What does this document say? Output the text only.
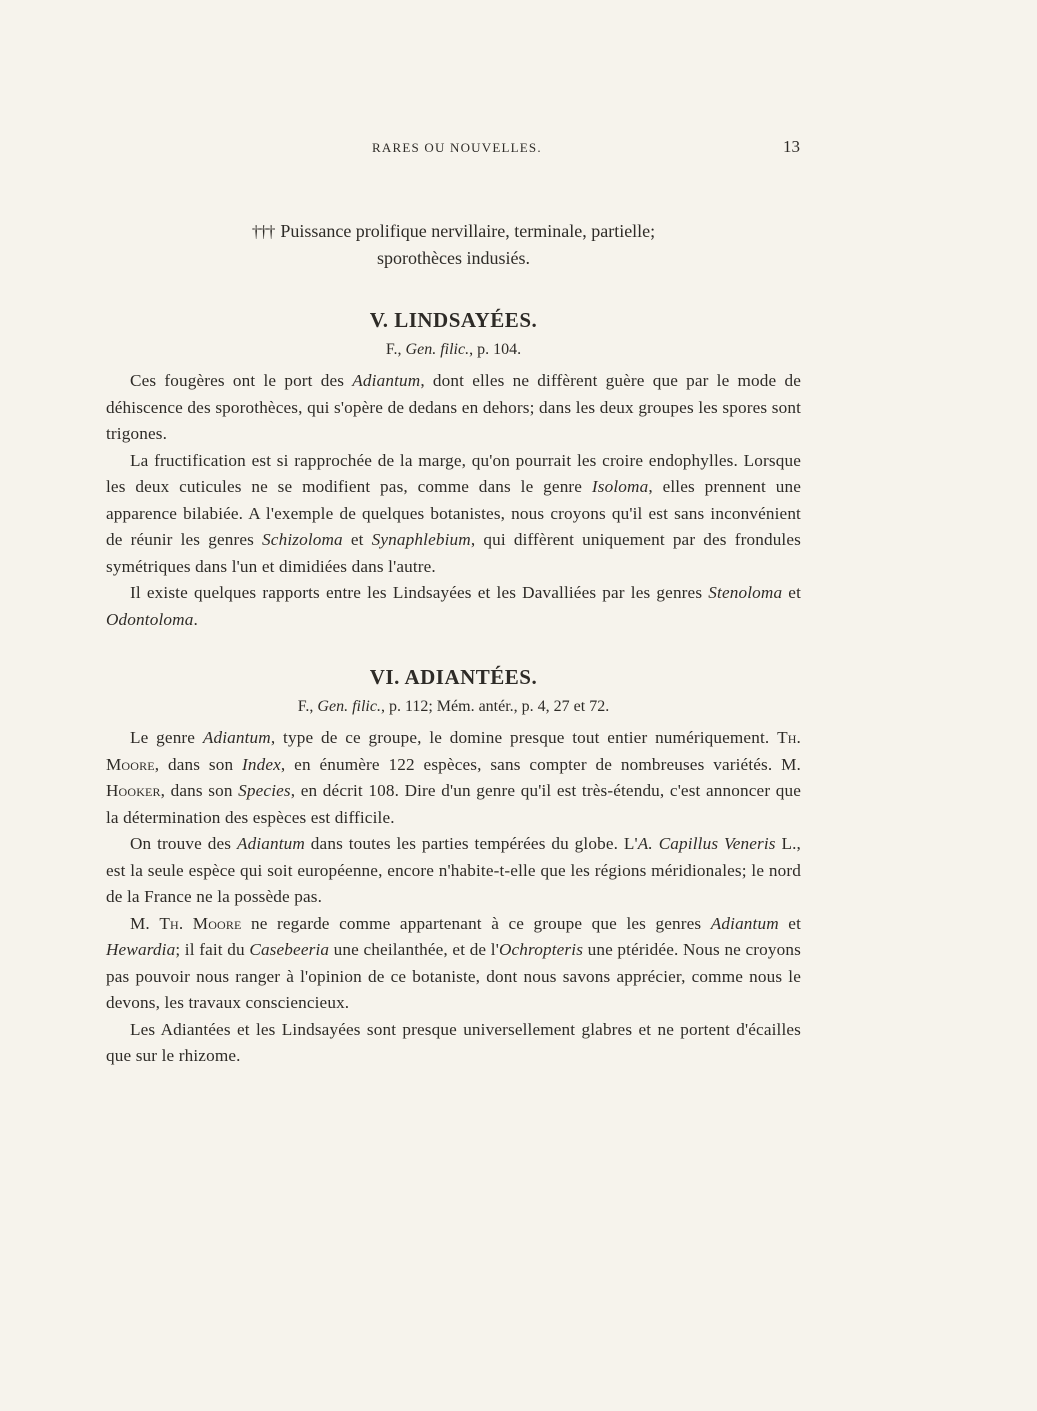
RARES OU NOUVELLES.	13

††† Puissance prolifique nervillaire, terminale, partielle;

sporothèces indusiés.

V. LINDSAYÉES.

F., Gen. filic., p. 104.

Ces fougères ont le port des Adiantum, dont elles ne diffèrent guère que par le mode de déhiscence des sporothèces, qui s'opère de dedans en dehors; dans les deux groupes les spores sont trigones.

La fructification est si rapprochée de la marge, qu'on pourrait les croire endophylles. Lorsque les deux cuticules ne se modifient pas, comme dans le genre Isoloma, elles prennent une apparence bilabiée. A l'exemple de quelques botanistes, nous croyons qu'il est sans inconvénient de réunir les genres Schizoloma et Synaphlebium, qui diffèrent uniquement par des frondules symétriques dans l'un et dimidiées dans l'autre.

Il existe quelques rapports entre les Lindsayées et les Davalliées par les genres Stenoloma et Odontoloma.

VI. ADIANTÉES.

F., Gen. filic., p. 112; Mém. antér., p. 4, 27 et 72.

Le genre Adiantum, type de ce groupe, le domine presque tout entier numériquement. Th. Moore, dans son Index, en énumère 122 espèces, sans compter de nombreuses variétés. M. Hooker, dans son Species, en décrit 108. Dire d'un genre qu'il est très-étendu, c'est annoncer que la détermination des espèces est difficile.

On trouve des Adiantum dans toutes les parties tempérées du globe. L'A. Capillus Veneris L., est la seule espèce qui soit européenne, encore n'habite-t-elle que les régions méridionales; le nord de la France ne la possède pas.

M. Th. Moore ne regarde comme appartenant à ce groupe que les genres Adiantum et Hewardia; il fait du Casebeeria une cheilanthée, et de l'Ochropteris une ptéridée. Nous ne croyons pas pouvoir nous ranger à l'opinion de ce botaniste, dont nous savons apprécier, comme nous le devons, les travaux consciencieux.

Les Adiantées et les Lindsayées sont presque universellement glabres et ne portent d'écailles que sur le rhizome.
